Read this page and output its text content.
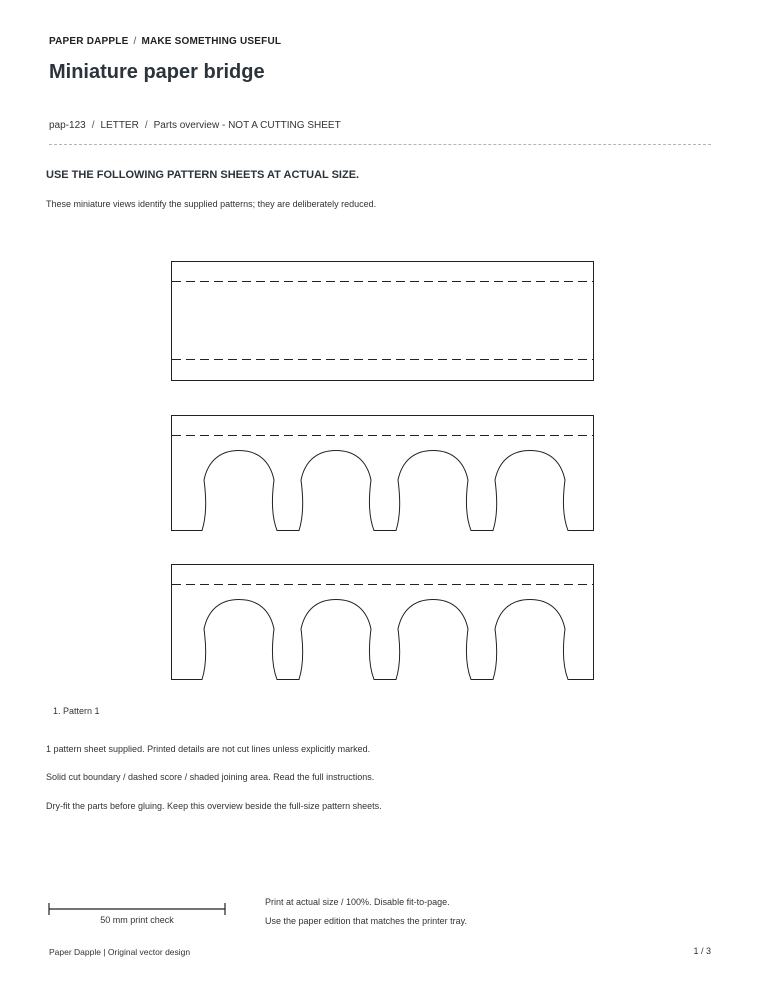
PAPER DAPPLE / MAKE SOMETHING USEFUL
Miniature paper bridge
pap-123 / LETTER / Parts overview - NOT A CUTTING SHEET
USE THE FOLLOWING PATTERN SHEETS AT ACTUAL SIZE.
These miniature views identify the supplied patterns; they are deliberately reduced.
1. Pattern 1
1 pattern sheet supplied. Printed details are not cut lines unless explicitly marked.
Solid cut boundary / dashed score / shaded joining area. Read the full instructions.
Dry-fit the parts before gluing. Keep this overview beside the full-size pattern sheets.
50 mm print check
Print at actual size / 100%. Disable fit-to-page.
Use the paper edition that matches the printer tray.
Paper Dapple | Original vector design	1 / 3
